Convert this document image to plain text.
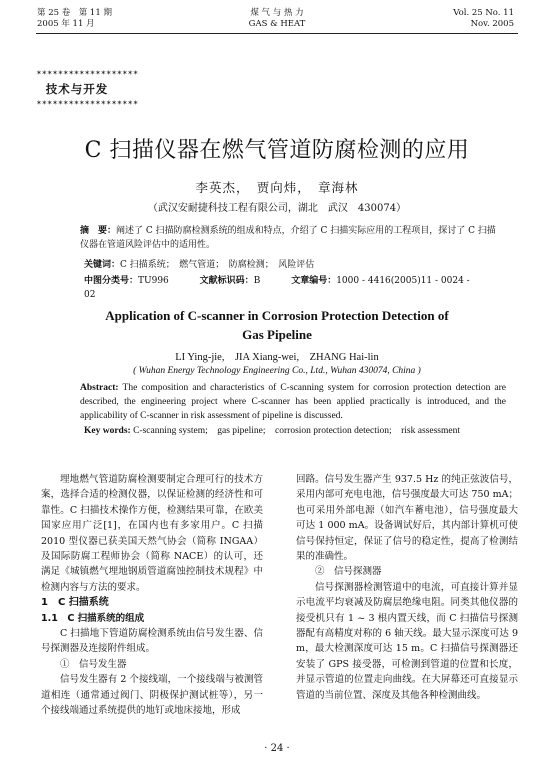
第 25 卷　第 11 期
2005 年 11 月
煤 气 与 热 力
GAS & HEAT
Vol. 25 No. 11
Nov. 2005
✶✶✶✶✶✶✶✶✶✶✶✶✶✶✶✶✶✶✶
技术与开发
✶✶✶✶✶✶✶✶✶✶✶✶✶✶✶✶✶✶✶
C 扫描仪器在燃气管道防腐检测的应用
李英杰，　贾向炜，　章海林
（武汉安耐捷科技工程有限公司，湖北　武汉　430074）
摘　要：阐述了 C 扫描防腐检测系统的组成和特点，介绍了 C 扫描实际应用的工程项目，探讨了 C 扫描仪器在管道风险评估中的适用性。
关键词：C 扫描系统；　燃气管道；　防腐检测；　风险评估
中图分类号：TU996	文献标识码：B	文章编号：1000 - 4416(2005)11 - 0024 - 02
Application of C-scanner in Corrosion Protection Detection of
Gas Pipeline
LI Ying-jie,　JIA Xiang-wei,　ZHANG Hai-lin
( Wuhan Energy Technology Engineering Co., Ltd., Wuhan 430074, China )
Abstract: The composition and characteristics of C-scanning system for corrosion protection detection are described, the engineering project where C-scanner has been applied practically is introduced, and the applicability of C-scanner in risk assessment of pipeline is discussed.
Key words: C-scanning system;　gas pipeline;　corrosion protection detection;　risk assessment

埋地燃气管道防腐检测要制定合理可行的技术方案，选择合适的检测仪器，以保证检测的经济性和可靠性。C 扫描技术操作方便，检测结果可靠，在欧美国家应用广泛[1]，在国内也有多家用户。C 扫描 2010 型仪器已获美国天然气协会（简称 INGAA）及国际防腐工程师协会（简称 NACE）的认可，还满足《城镇燃气埋地钢质管道腐蚀控制技术规程》中检测内容与方法的要求。

1　C 扫描系统
1.1　C 扫描系统的组成

C 扫描地下管道防腐检测系统由信号发生器、信号探测器及连接附件组成。

①　信号发生器

信号发生器有 2 个接线端，一个接线端与被测管道相连（通常通过阀门、阴极保护测试桩等），另一个接线端通过系统提供的地钉或地床接地，形成

回路。信号发生器产生 937.5 Hz 的纯正弦波信号，采用内部可充电电池，信号强度最大可达 750 mA；也可采用外部电源（如汽车蓄电池），信号强度最大可达 1 000 mA。设备调试好后，其内部计算机可使信号保持恒定，保证了信号的稳定性，提高了检测结果的准确性。

②　信号探测器

信号探测器检测管道中的电流，可直接计算并显示电流平均衰减及防腐层绝缘电阻。同类其他仪器的接受机只有 1 ~ 3 根内置天线，而 C 扫描信号探测器配有高精度对称的 6 轴天线。最大显示深度可达 9 m，最大检测深度可达 15 m。C 扫描信号探测器还安装了 GPS 接受器，可检测到管道的位置和长度，并显示管道的位置走向曲线。在大屏幕还可直接显示管道的当前位置、深度及其他各种检测曲线。

· 24 ·
